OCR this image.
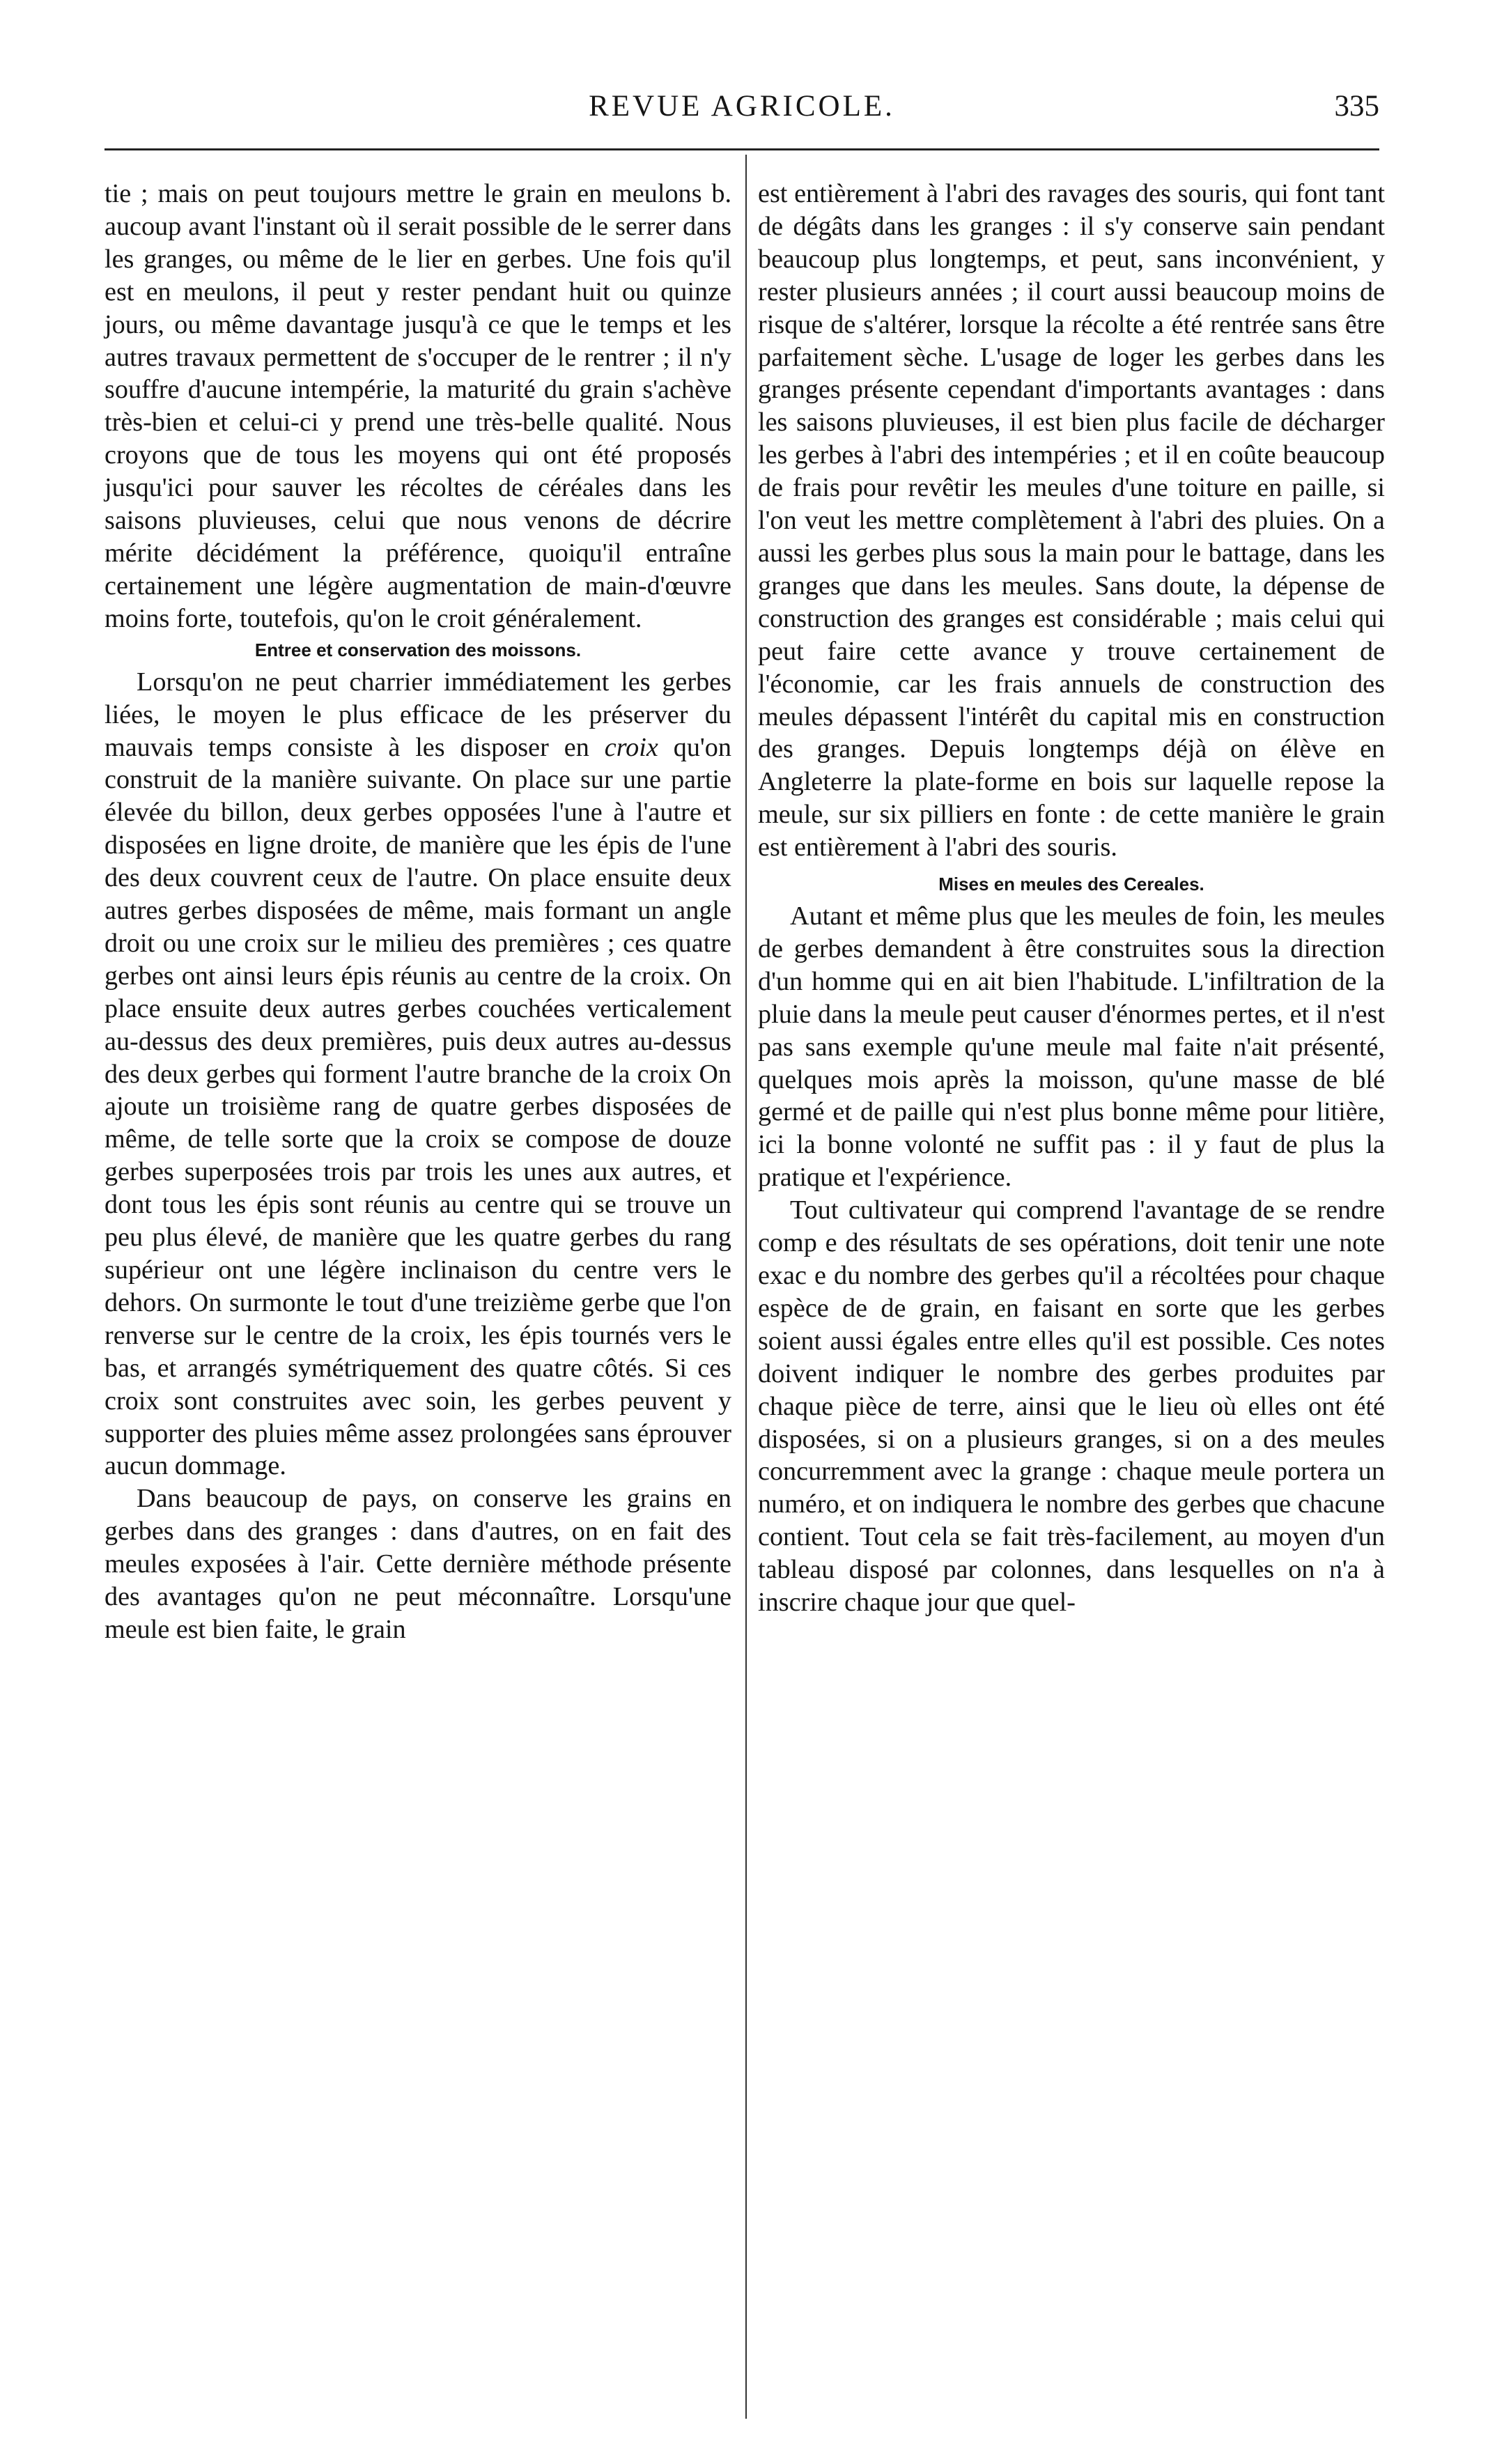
REVUE AGRICOLE.	335

tie ; mais on peut toujours mettre le grain en meulons b. aucoup avant l'instant où il serait possible de le serrer dans les granges, ou même de le lier en gerbes. Une fois qu'il est en meulons, il peut y rester pendant huit ou quinze jours, ou même davantage jusqu'à ce que le temps et les autres travaux permettent de s'occuper de le rentrer ; il n'y souffre d'aucune intempérie, la maturité du grain s'achève très-bien et celui-ci y prend une très-belle qualité. Nous croyons que de tous les moyens qui ont été proposés jusqu'ici pour sauver les récoltes de céréales dans les saisons pluvieuses, celui que nous venons de décrire mérite décidément la préférence, quoiqu'il entraîne certainement une légère augmentation de main-d'œuvre moins forte, toutefois, qu'on le croit généralement.

Entree et conservation des moissons.

Lorsqu'on ne peut charrier immédiatement les gerbes liées, le moyen le plus efficace de les préserver du mauvais temps consiste à les disposer en croix qu'on construit de la manière suivante. On place sur une partie élevée du billon, deux gerbes opposées l'une à l'autre et disposées en ligne droite, de manière que les épis de l'une des deux couvrent ceux de l'autre. On place ensuite deux autres gerbes disposées de même, mais formant un angle droit ou une croix sur le milieu des premières ; ces quatre gerbes ont ainsi leurs épis réunis au centre de la croix. On place ensuite deux autres gerbes couchées verticalement au-dessus des deux premières, puis deux autres au-dessus des deux gerbes qui forment l'autre branche de la croix On ajoute un troisième rang de quatre gerbes disposées de même, de telle sorte que la croix se compose de douze gerbes superposées trois par trois les unes aux autres, et dont tous les épis sont réunis au centre qui se trouve un peu plus élevé, de manière que les quatre gerbes du rang supérieur ont une légère inclinaison du centre vers le dehors. On surmonte le tout d'une treizième gerbe que l'on renverse sur le centre de la croix, les épis tournés vers le bas, et arrangés symétriquement des quatre côtés. Si ces croix sont construites avec soin, les gerbes peuvent y supporter des pluies même assez prolongées sans éprouver aucun dommage.

Dans beaucoup de pays, on conserve les grains en gerbes dans des granges : dans d'autres, on en fait des meules exposées à l'air. Cette dernière méthode présente des avantages qu'on ne peut méconnaître. Lorsqu'une meule est bien faite, le grain

est entièrement à l'abri des ravages des souris, qui font tant de dégâts dans les granges : il s'y conserve sain pendant beaucoup plus longtemps, et peut, sans inconvénient, y rester plusieurs années ; il court aussi beaucoup moins de risque de s'altérer, lorsque la récolte a été rentrée sans être parfaitement sèche. L'usage de loger les gerbes dans les granges présente cependant d'importants avantages : dans les saisons pluvieuses, il est bien plus facile de décharger les gerbes à l'abri des intempéries ; et il en coûte beaucoup de frais pour revêtir les meules d'une toiture en paille, si l'on veut les mettre complètement à l'abri des pluies. On a aussi les gerbes plus sous la main pour le battage, dans les granges que dans les meules. Sans doute, la dépense de construction des granges est considérable ; mais celui qui peut faire cette avance y trouve certainement de l'économie, car les frais annuels de construction des meules dépassent l'intérêt du capital mis en construction des granges. Depuis longtemps déjà on élève en Angleterre la plate-forme en bois sur laquelle repose la meule, sur six pilliers en fonte : de cette manière le grain est entièrement à l'abri des souris.

Mises en meules des Cereales.

Autant et même plus que les meules de foin, les meules de gerbes demandent à être construites sous la direction d'un homme qui en ait bien l'habitude. L'infiltration de la pluie dans la meule peut causer d'énormes pertes, et il n'est pas sans exemple qu'une meule mal faite n'ait présenté, quelques mois après la moisson, qu'une masse de blé germé et de paille qui n'est plus bonne même pour litière, ici la bonne volonté ne suffit pas : il y faut de plus la pratique et l'expérience.

Tout cultivateur qui comprend l'avantage de se rendre comp e des résultats de ses opérations, doit tenir une note exac e du nombre des gerbes qu'il a récoltées pour chaque espèce de de grain, en faisant en sorte que les gerbes soient aussi égales entre elles qu'il est possible. Ces notes doivent indiquer le nombre des gerbes produites par chaque pièce de terre, ainsi que le lieu où elles ont été disposées, si on a plusieurs granges, si on a des meules concurremment avec la grange : chaque meule portera un numéro, et on indiquera le nombre des gerbes que chacune contient. Tout cela se fait très-facilement, au moyen d'un tableau disposé par colonnes, dans lesquelles on n'a à inscrire chaque jour que quel-
